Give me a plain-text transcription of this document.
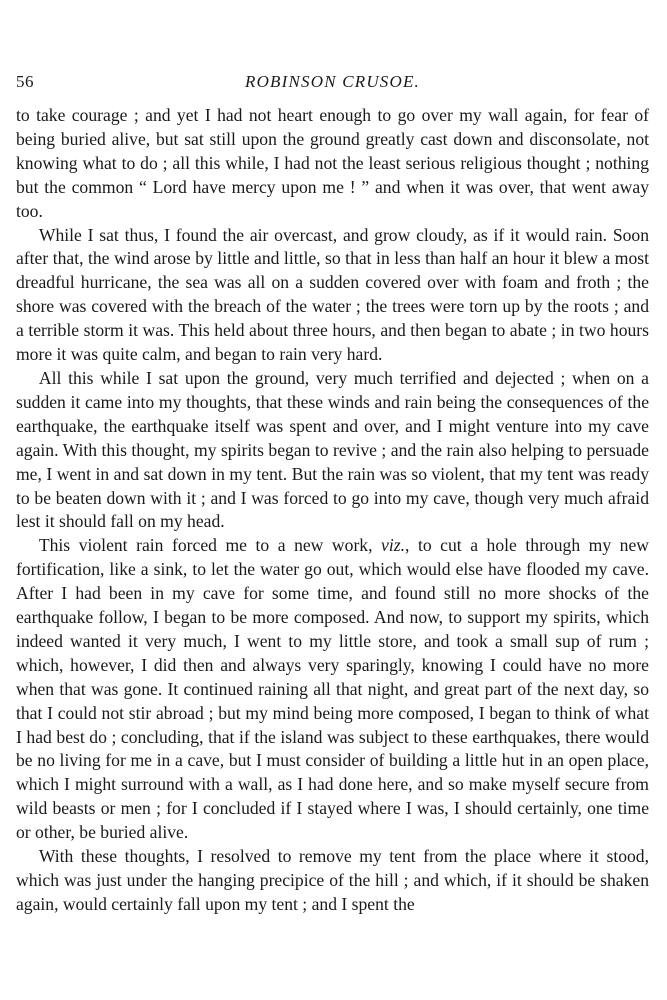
56	ROBINSON CRUSOE.

to take courage ; and yet I had not heart enough to go over my wall again, for fear of being buried alive, but sat still upon the ground greatly cast down and disconsolate, not knowing what to do ; all this while, I had not the least serious religious thought ; nothing but the common “ Lord have mercy upon me ! ” and when it was over, that went away too.

While I sat thus, I found the air overcast, and grow cloudy, as if it would rain. Soon after that, the wind arose by little and little, so that in less than half an hour it blew a most dreadful hurricane, the sea was all on a sudden covered over with foam and froth ; the shore was covered with the breach of the water ; the trees were torn up by the roots ; and a terrible storm it was. This held about three hours, and then began to abate ; in two hours more it was quite calm, and began to rain very hard.

All this while I sat upon the ground, very much terrified and dejected ; when on a sudden it came into my thoughts, that these winds and rain being the consequences of the earthquake, the earthquake itself was spent and over, and I might venture into my cave again. With this thought, my spirits began to revive ; and the rain also helping to persuade me, I went in and sat down in my tent. But the rain was so violent, that my tent was ready to be beaten down with it ; and I was forced to go into my cave, though very much afraid lest it should fall on my head.

This violent rain forced me to a new work, viz., to cut a hole through my new fortification, like a sink, to let the water go out, which would else have flooded my cave. After I had been in my cave for some time, and found still no more shocks of the earthquake follow, I began to be more composed. And now, to support my spirits, which indeed wanted it very much, I went to my little store, and took a small sup of rum ; which, however, I did then and always very sparingly, knowing I could have no more when that was gone. It continued raining all that night, and great part of the next day, so that I could not stir abroad ; but my mind being more composed, I began to think of what I had best do ; concluding, that if the island was subject to these earthquakes, there would be no living for me in a cave, but I must consider of building a little hut in an open place, which I might surround with a wall, as I had done here, and so make myself secure from wild beasts or men ; for I concluded if I stayed where I was, I should certainly, one time or other, be buried alive.

With these thoughts, I resolved to remove my tent from the place where it stood, which was just under the hanging precipice of the hill ; and which, if it should be shaken again, would certainly fall upon my tent ; and I spent the
